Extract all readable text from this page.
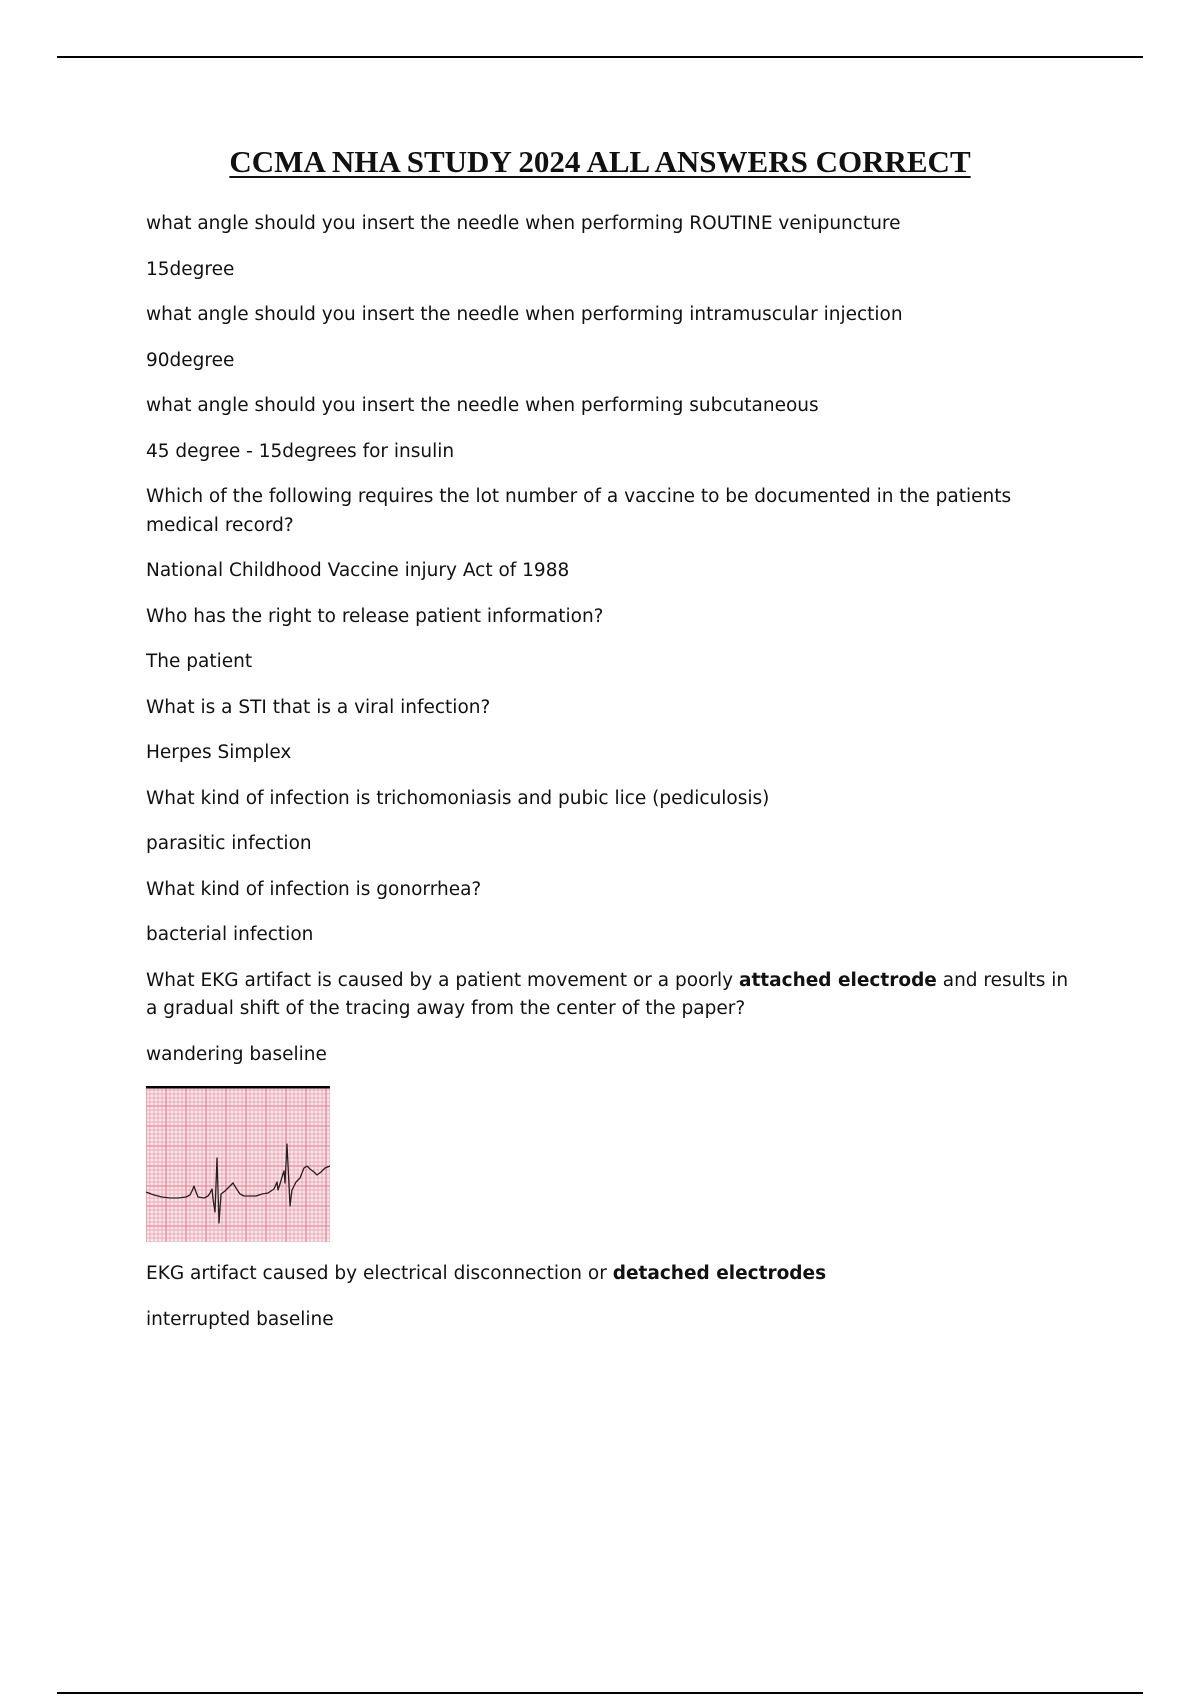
CCMA NHA STUDY 2024 ALL ANSWERS CORRECT

what angle should you insert the needle when performing ROUTINE venipuncture

15degree

what angle should you insert the needle when performing intramuscular injection

90degree

what angle should you insert the needle when performing subcutaneous

45 degree - 15degrees for insulin

Which of the following requires the lot number of a vaccine to be documented in the patients medical record?

National Childhood Vaccine injury Act of 1988

Who has the right to release patient information?

The patient

What is a STI that is a viral infection?

Herpes Simplex

What kind of infection is trichomoniasis and pubic lice (pediculosis)

parasitic infection

What kind of infection is gonorrhea?

bacterial infection

What EKG artifact is caused by a patient movement or a poorly attached electrode and results in a gradual shift of the tracing away from the center of the paper?

wandering baseline

EKG artifact caused by electrical disconnection or detached electrodes

interrupted baseline
